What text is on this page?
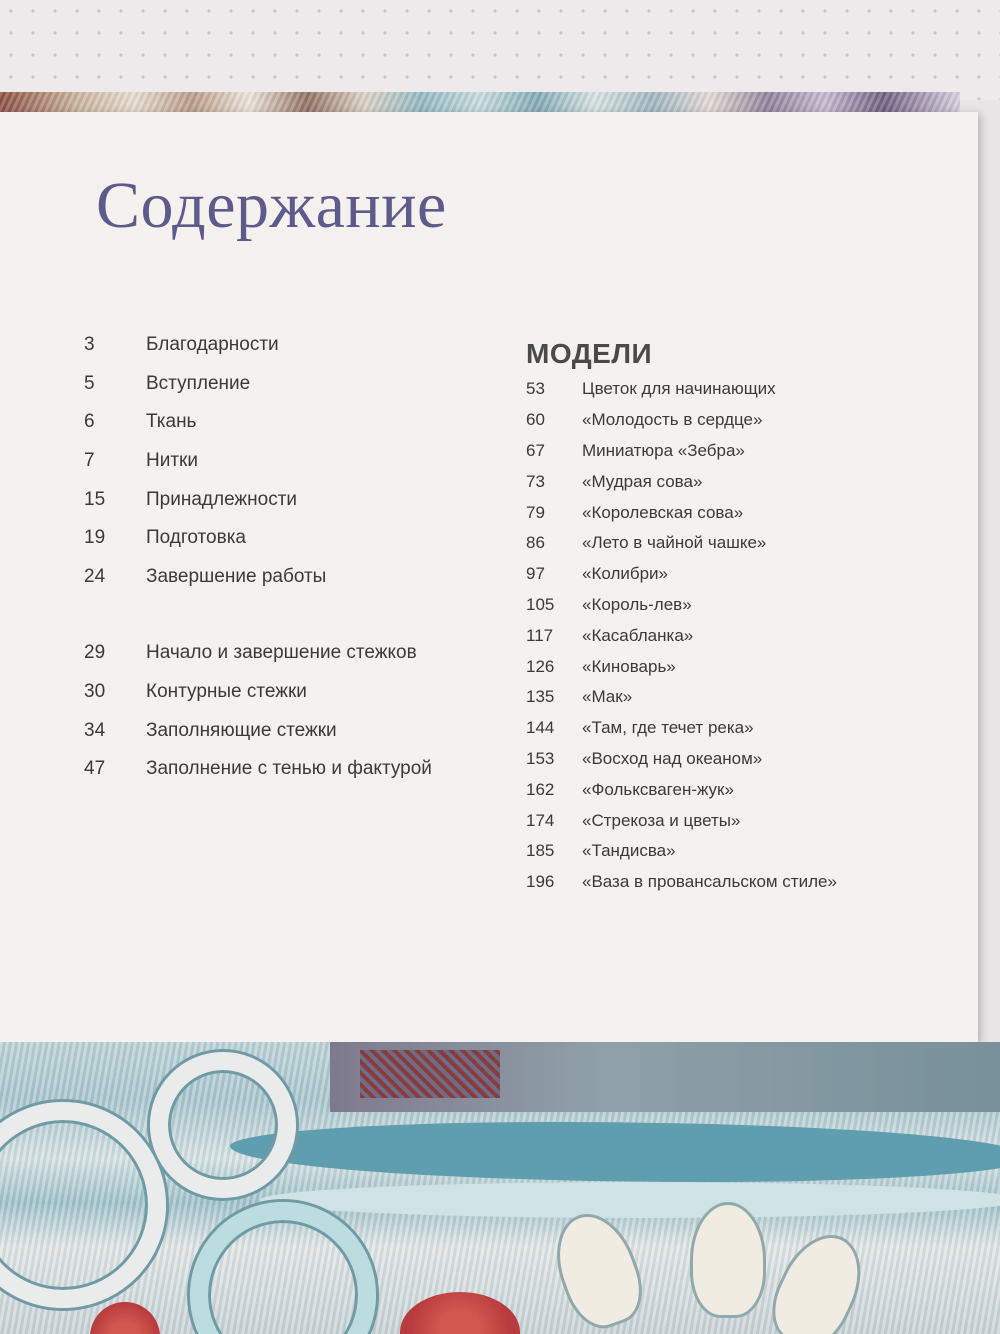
Содержание
3	Благодарности
5	Вступление
6	Ткань
7	Нитки
15	Принадлежности
19	Подготовка
24	Завершение работы
29	Начало и завершение стежков
30	Контурные стежки
34	Заполняющие стежки
47	Заполнение с тенью и фактурой
МОДЕЛИ
53	Цветок для начинающих
60	«Молодость в сердце»
67	Миниатюра «Зебра»
73	«Мудрая сова»
79	«Королевская сова»
86	«Лето в чайной чашке»
97	«Колибри»
105	«Король-лев»
117	«Касабланка»
126	«Киноварь»
135	«Мак»
144	«Там, где течет река»
153	«Восход над океаном»
162	«Фольксваген-жук»
174	«Стрекоза и цветы»
185	«Тандисва»
196	«Ваза в провансальском стиле»
